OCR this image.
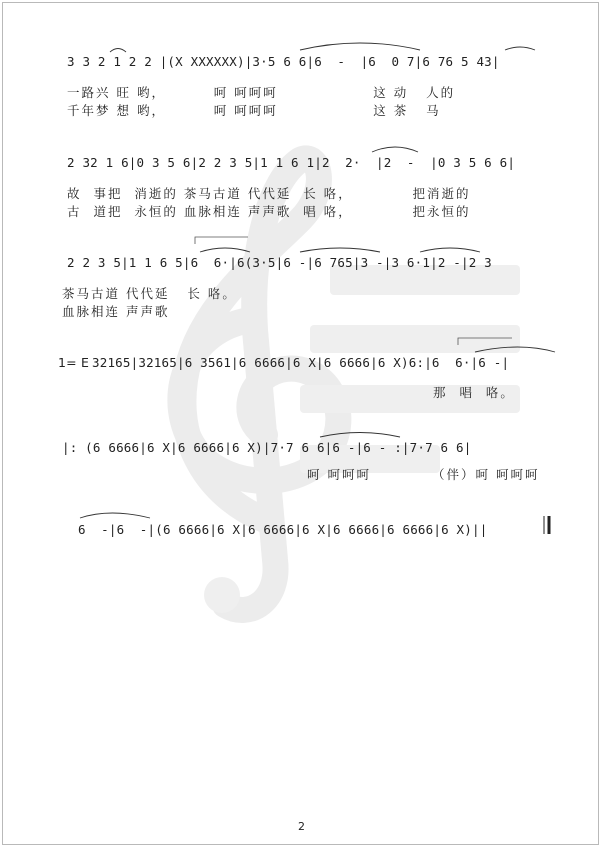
3 3 2 1 2 2 |(X XXXXXX)|3·5 6 6|6  -  |6  0 7|6 76 5 43|
一路兴 旺 哟，        呵 呵呵呵                这 动   人的
千年梦 想 哟，        呵 呵呵呵                这 茶   马
2 32 1 6|0 3 5 6|2 2 3 5|1 1 6 1|2  2·  |2  -  |0 3 5 6 6|
故  事把  消逝的 茶马古道 代代延  长 咯，          把消逝的
古  道把  永恒的 血脉相连 声声歌  唱 咯，          把永恒的
2 2 3 5|1 1 6 5|6  6·|6(3·5|6 -|6 765|3 -|3 6·1|2 -|2 3
茶马古道 代代延   长 咯。
血脉相连 声声歌
1= E 32165|32165|6 3561|6 6666|6 X|6 6666|6 X)6:|6  6·|6 -|
那  唱  咯。
|: (6 6666|6 X|6 6666|6 X)|7·7 6 6|6 -|6 - :|7·7 6 6|
呵 呵呵呵	（伴）呵 呵呵呵
6  -|6  -|(6 6666|6 X|6 6666|6 X|6 6666|6 6666|6 X)||
2
